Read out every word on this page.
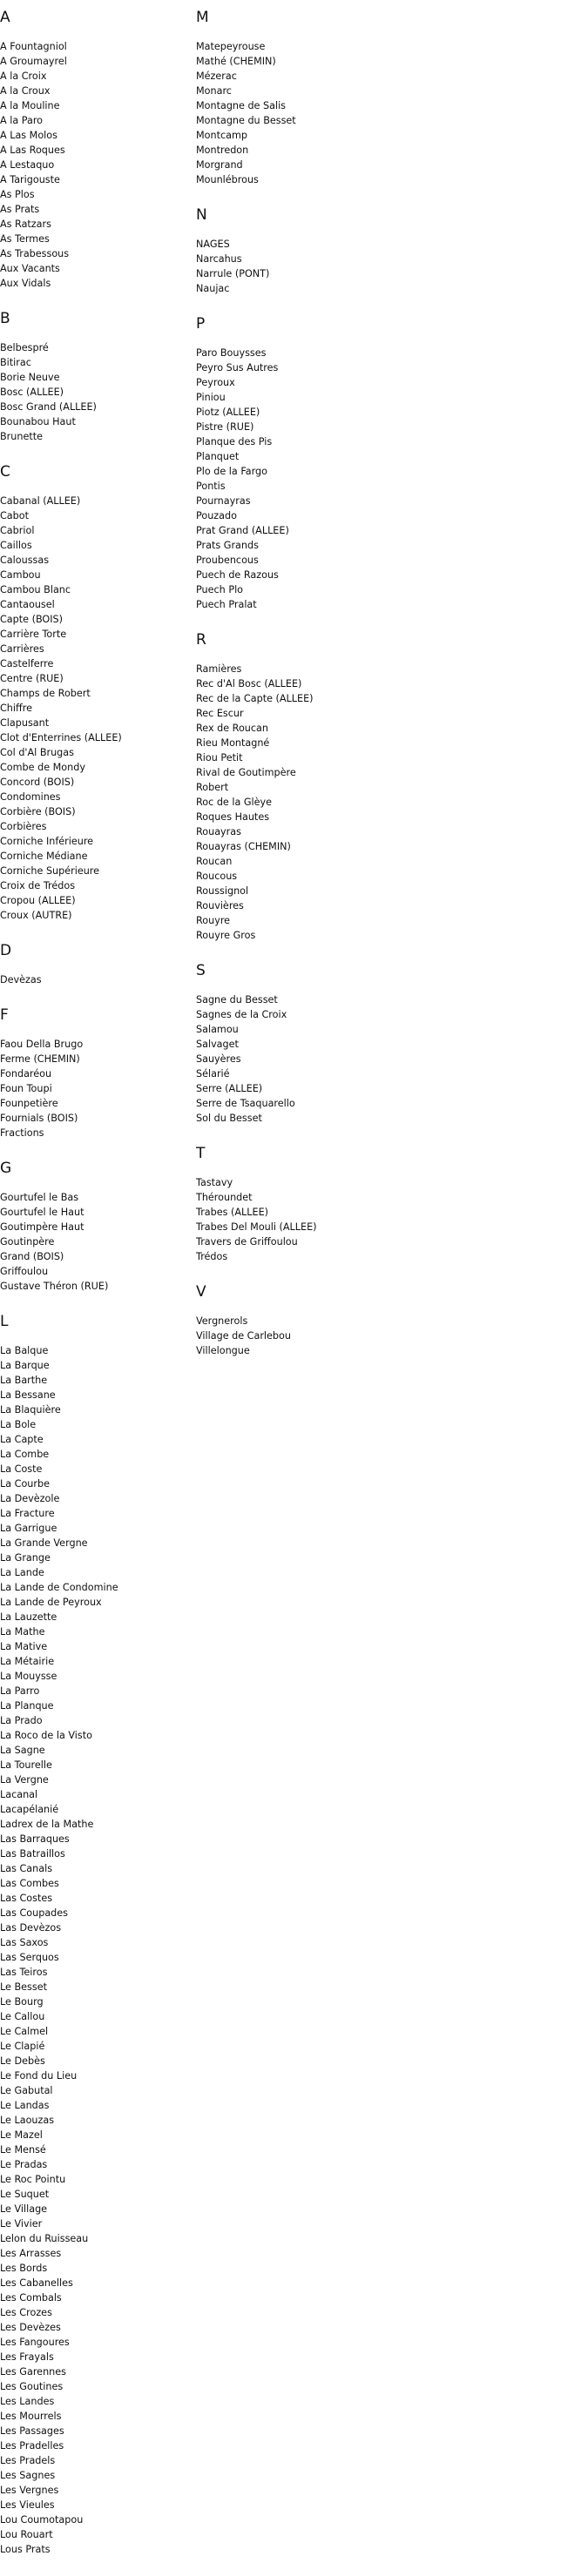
A
A Fountagniol
A Groumayrel
A la Croix
A la Croux
A la Mouline
A la Paro
A Las Molos
A Las Roques
A Lestaquo
A Tarigouste
As Plos
As Prats
As Ratzars
As Termes
As Trabessous
Aux Vacants
Aux Vidals
B
Belbespré
Bitirac
Borie Neuve
Bosc (ALLEE)
Bosc Grand (ALLEE)
Bounabou Haut
Brunette
C
Cabanal (ALLEE)
Cabot
Cabriol
Caillos
Caloussas
Cambou
Cambou Blanc
Cantaousel
Capte (BOIS)
Carrière Torte
Carrières
Castelferre
Centre (RUE)
Champs de Robert
Chiffre
Clapusant
Clot d'Enterrines (ALLEE)
Col d'Al Brugas
Combe de Mondy
Concord (BOIS)
Condomines
Corbière (BOIS)
Corbières
Corniche Inférieure
Corniche Médiane
Corniche Supérieure
Croix de Trédos
Cropou (ALLEE)
Croux (AUTRE)
D
Devèzas
F
Faou Della Brugo
Ferme (CHEMIN)
Fondaréou
Foun Toupi
Founpetière
Fournials (BOIS)
Fractions
G
Gourtufel le Bas
Gourtufel le Haut
Goutimpère Haut
Goutinpère
Grand (BOIS)
Griffoulou
Gustave Théron (RUE)
L
La Balque
La Barque
La Barthe
La Bessane
La Blaquière
La Bole
La Capte
La Combe
La Coste
La Courbe
La Devèzole
La Fracture
La Garrigue
La Grande Vergne
La Grange
La Lande
La Lande de Condomine
La Lande de Peyroux
La Lauzette
La Mathe
La Mative
La Métairie
La Mouysse
La Parro
La Planque
La Prado
La Roco de la Visto
La Sagne
La Tourelle
La Vergne
Lacanal
Lacapélanié
Ladrex de la Mathe
Las Barraques
Las Batraillos
Las Canals
Las Combes
Las Costes
Las Coupades
Las Devèzos
Las Saxos
Las Serquos
Las Teiros
Le Besset
Le Bourg
Le Callou
Le Calmel
Le Clapié
Le Debès
Le Fond du Lieu
Le Gabutal
Le Landas
Le Laouzas
Le Mazel
Le Mensé
Le Pradas
Le Roc Pointu
Le Suquet
Le Village
Le Vivier
Lelon du Ruisseau
Les Arrasses
Les Bords
Les Cabanelles
Les Combals
Les Crozes
Les Devèzes
Les Fangoures
Les Frayals
Les Garennes
Les Goutines
Les Landes
Les Mourrels
Les Passages
Les Pradelles
Les Pradels
Les Sagnes
Les Vergnes
Les Vieules
Lou Coumotapou
Lou Rouart
Lous Prats
M
Matepeyrouse
Mathé (CHEMIN)
Mézerac
Monarc
Montagne de Salis
Montagne du Besset
Montcamp
Montredon
Morgrand
Mounlébrous
N
NAGES
Narcahus
Narrule (PONT)
Naujac
P
Paro Bouysses
Peyro Sus Autres
Peyroux
Piniou
Piotz (ALLEE)
Pistre (RUE)
Planque des Pis
Planquet
Plo de la Fargo
Pontis
Pournayras
Pouzado
Prat Grand (ALLEE)
Prats Grands
Proubencous
Puech de Razous
Puech Plo
Puech Pralat
R
Ramières
Rec d'Al Bosc (ALLEE)
Rec de la Capte (ALLEE)
Rec Escur
Rex de Roucan
Rieu Montagné
Riou Petit
Rival de Goutimpère
Robert
Roc de la Glèye
Roques Hautes
Rouayras
Rouayras (CHEMIN)
Roucan
Roucous
Roussignol
Rouvières
Rouyre
Rouyre Gros
S
Sagne du Besset
Sagnes de la Croix
Salamou
Salvaget
Sauyères
Sélarié
Serre (ALLEE)
Serre de Tsaquarello
Sol du Besset
T
Tastavy
Théroundet
Trabes (ALLEE)
Trabes Del Mouli (ALLEE)
Travers de Griffoulou
Trédos
V
Vergnerols
Village de Carlebou
Villelongue
